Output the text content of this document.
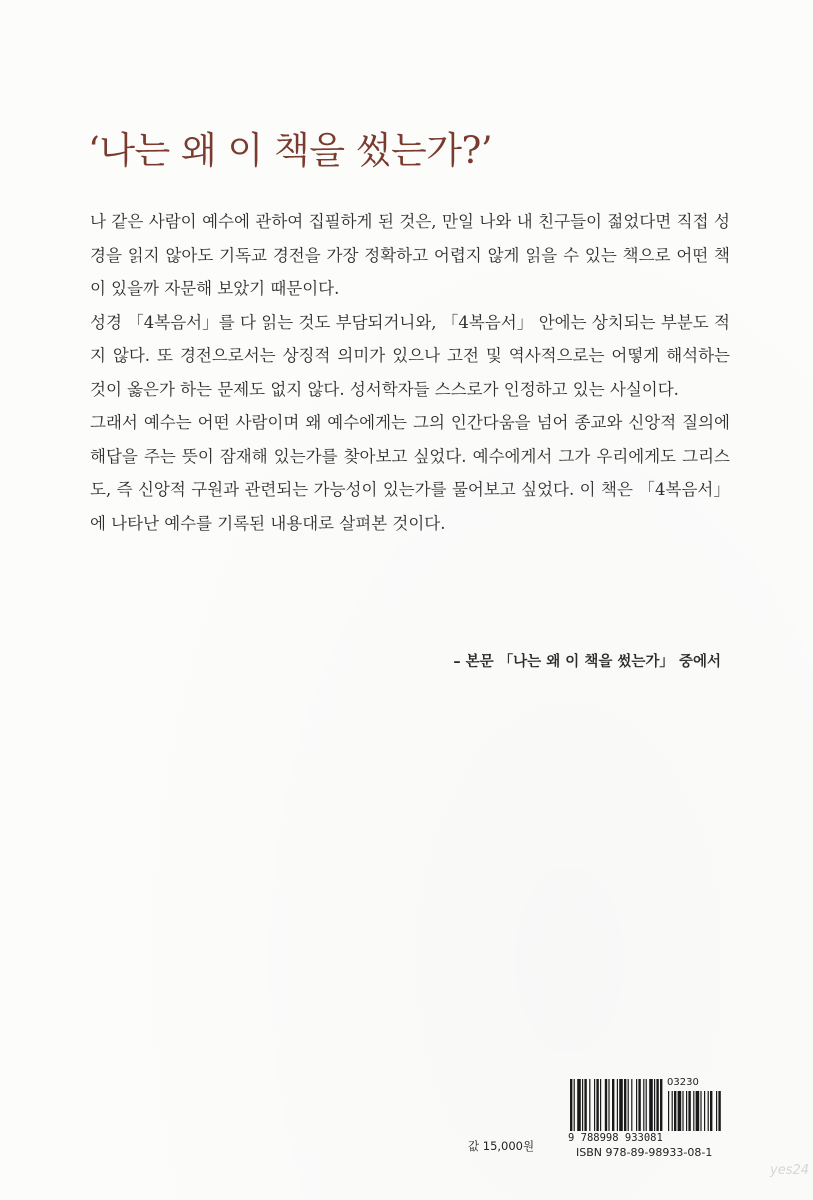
‘나는 왜 이 책을 썼는가?’

나 같은 사람이 예수에 관하여 집필하게 된 것은, 만일 나와 내 친구들이 젊었다면 직접 성경을 읽지 않아도 기독교 경전을 가장 정확하고 어렵지 않게 읽을 수 있는 책으로 어떤 책이 있을까 자문해 보았기 때문이다.

성경 「4복음서」를 다 읽는 것도 부담되거니와, 「4복음서」 안에는 상치되는 부분도 적지 않다. 또 경전으로서는 상징적 의미가 있으나 고전 및 역사적으로는 어떻게 해석하는 것이 옳은가 하는 문제도 없지 않다. 성서학자들 스스로가 인정하고 있는 사실이다.

그래서 예수는 어떤 사람이며 왜 예수에게는 그의 인간다움을 넘어 종교와 신앙적 질의에 해답을 주는 뜻이 잠재해 있는가를 찾아보고 싶었다. 예수에게서 그가 우리에게도 그리스도, 즉 신앙적 구원과 관련되는 가능성이 있는가를 물어보고 싶었다. 이 책은 「4복음서」에 나타난 예수를 기록된 내용대로 살펴본 것이다.

– 본문 「나는 왜 이 책을 썼는가」 중에서
값 15,000원
03230
9 788998 933081
ISBN 978-89-98933-08-1
yes24
